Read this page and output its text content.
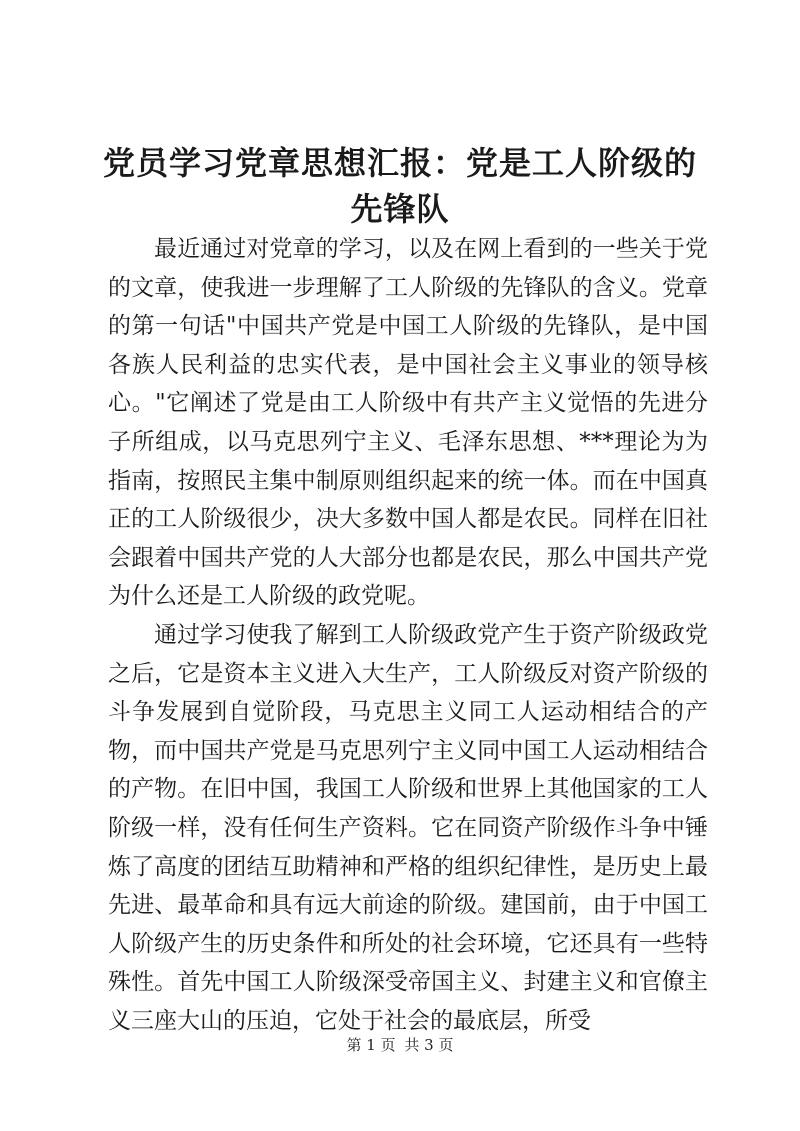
党员学习党章思想汇报：党是工人阶级的先锋队

最近通过对党章的学习，以及在网上看到的一些关于党的文章，使我进一步理解了工人阶级的先锋队的含义。党章的第一句话"中国共产党是中国工人阶级的先锋队，是中国各族人民利益的忠实代表，是中国社会主义事业的领导核心。"它阐述了党是由工人阶级中有共产主义觉悟的先进分子所组成，以马克思列宁主义、毛泽东思想、***理论为为指南，按照民主集中制原则组织起来的统一体。而在中国真正的工人阶级很少，决大多数中国人都是农民。同样在旧社会跟着中国共产党的人大部分也都是农民，那么中国共产党为什么还是工人阶级的政党呢。

通过学习使我了解到工人阶级政党产生于资产阶级政党之后，它是资本主义进入大生产，工人阶级反对资产阶级的斗争发展到自觉阶段，马克思主义同工人运动相结合的产物，而中国共产党是马克思列宁主义同中国工人运动相结合的产物。在旧中国，我国工人阶级和世界上其他国家的工人阶级一样，没有任何生产资料。它在同资产阶级作斗争中锤炼了高度的团结互助精神和严格的组织纪律性，是历史上最先进、最革命和具有远大前途的阶级。建国前，由于中国工人阶级产生的历史条件和所处的社会环境，它还具有一些特殊性。首先中国工人阶级深受帝国主义、封建主义和官僚主义三座大山的压迫，它处于社会的最底层，所受

第 1 页 共 3 页
